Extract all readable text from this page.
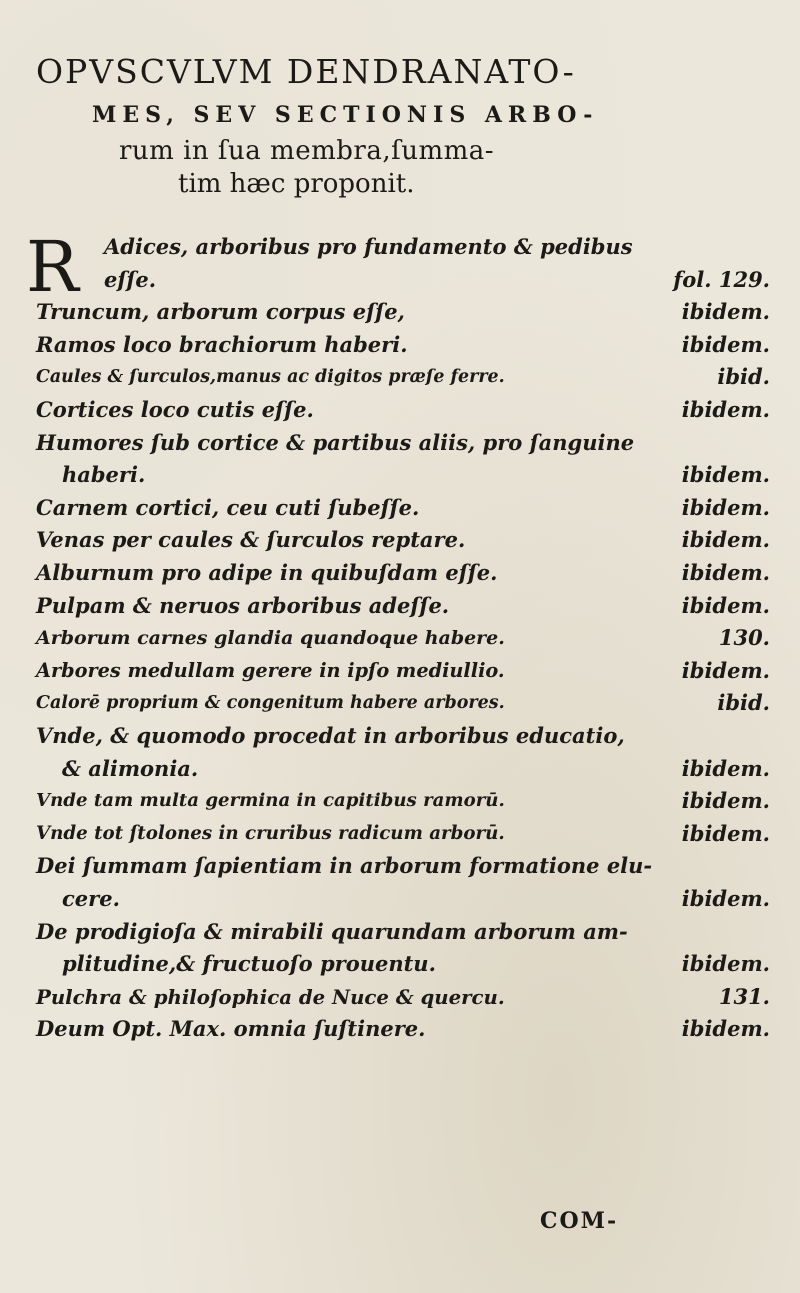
OPVSCVLVM DENDRANATO-
MES, SEV SECTIONIS ARBO-
rum in ſua membra,ſumma-
tim hæc proponit.
R Adices, arboribus pro fundamento & pedibus
eſſe.	fol. 129.
Truncum, arborum corpus eſſe,	ibidem.
Ramos loco brachiorum haberi.	ibidem.
Caules & ſurculos,manus ac digitos præſe ferre.	ibid.
Cortices loco cutis eſſe.	ibidem.
Humores ſub cortice & partibus aliis, pro ſanguine
haberi.	ibidem.
Carnem cortici, ceu cuti ſubeſſe.	ibidem.
Venas per caules & ſurculos reptare.	ibidem.
Alburnum pro adipe in quibuſdam eſſe.	ibidem.
Pulpam & neruos arboribus adeſſe.	ibidem.
Arborum carnes glandia quandoque habere.	130.
Arbores medullam gerere in ipſo mediullio.	ibidem.
Calorē proprium & congenitum habere arbores.	ibid.
Vnde, & quomodo procedat in arboribus educatio,
& alimonia.	ibidem.
Vnde tam multa germina in capitibus ramorū.	ibidem.
Vnde tot ſtolones in cruribus radicum arborū.	ibidem.
Dei ſummam ſapientiam in arborum formatione elu-
cere.	ibidem.
De prodigioſa & mirabili quarundam arborum am-
plitudine,& fructuoſo prouentu.	ibidem.
Pulchra & philoſophica de Nuce & quercu.	131.
Deum Opt. Max. omnia ſuſtinere.	ibidem.
COM-
